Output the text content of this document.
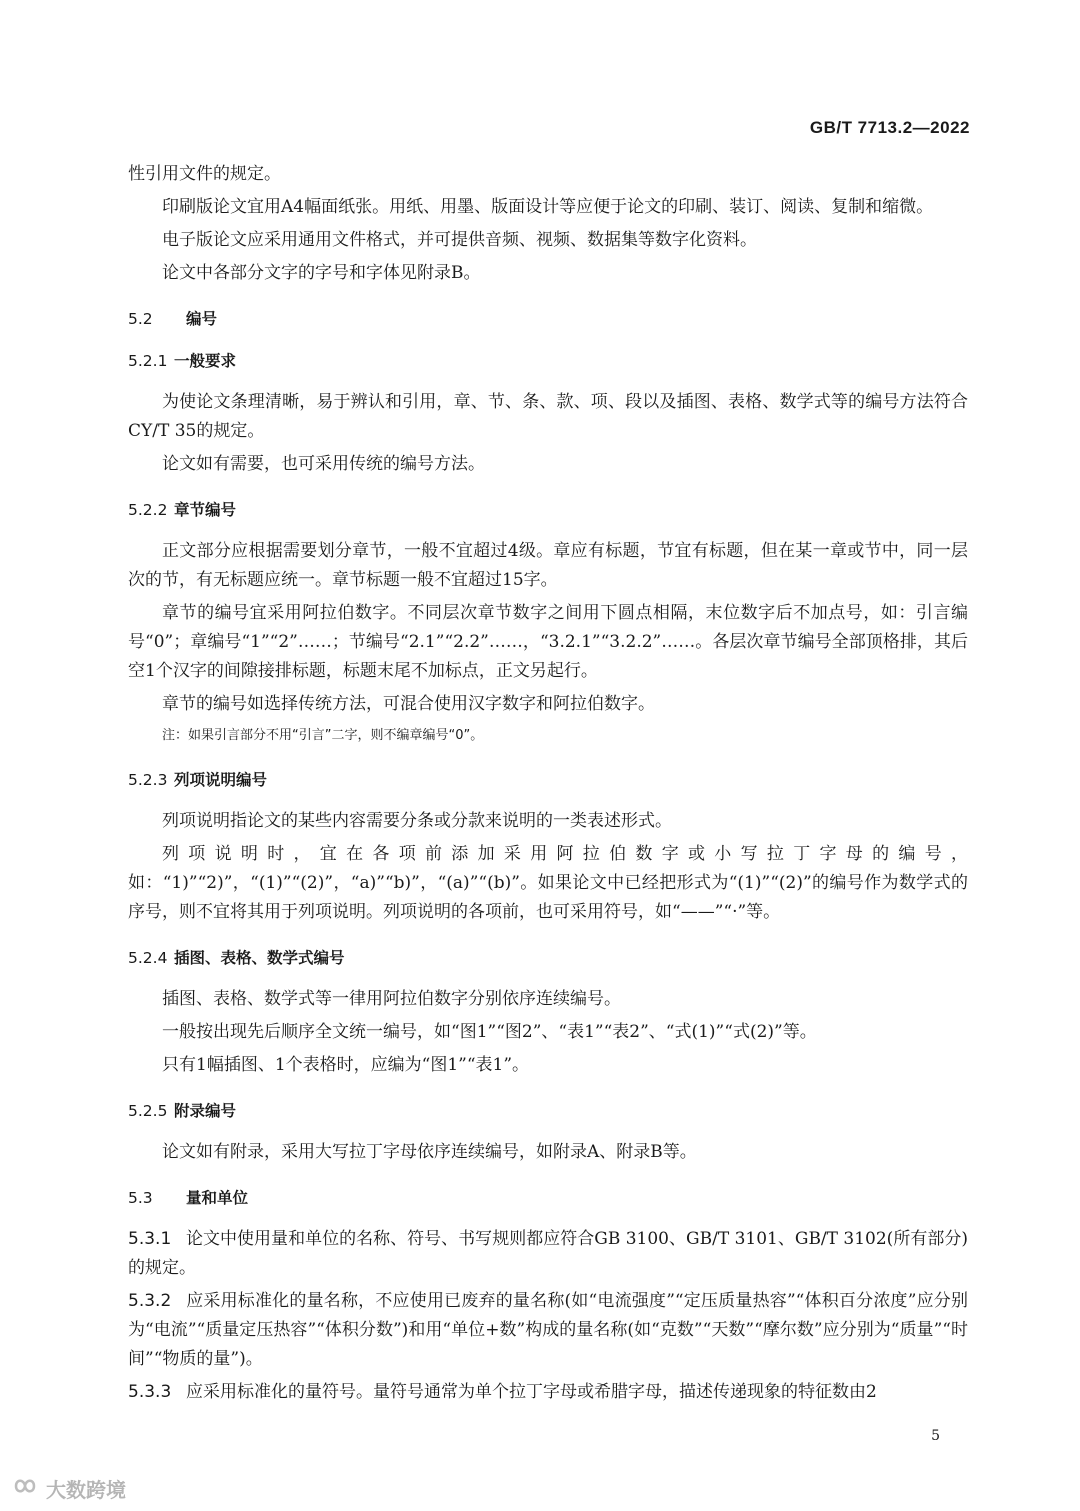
GB/T 7713.2—2022

性引用文件的规定。

印刷版论文宜用A4幅面纸张。用纸、用墨、版面设计等应便于论文的印刷、装订、阅读、复制和缩微。

电子版论文应采用通用文件格式，并可提供音频、视频、数据集等数字化资料。

论文中各部分文字的字号和字体见附录B。

5.2 编号
5.2.1 一般要求

为使论文条理清晰，易于辨认和引用，章、节、条、款、项、段以及插图、表格、数学式等的编号方法符合CY/T 35的规定。

论文如有需要，也可采用传统的编号方法。

5.2.2 章节编号

正文部分应根据需要划分章节，一般不宜超过4级。章应有标题，节宜有标题，但在某一章或节中，同一层次的节，有无标题应统一。章节标题一般不宜超过15字。

章节的编号宜采用阿拉伯数字。不同层次章节数字之间用下圆点相隔，末位数字后不加点号，如：引言编号“0”；章编号“1”“2”……；节编号“2.1”“2.2”……，“3.2.1”“3.2.2”……。各层次章节编号全部顶格排，其后空1个汉字的间隙接排标题，标题末尾不加标点，正文另起行。

章节的编号如选择传统方法，可混合使用汉字数字和阿拉伯数字。

注：如果引言部分不用“引言”二字，则不编章编号“0”。

5.2.3 列项说明编号

列项说明指论文的某些内容需要分条或分款来说明的一类表述形式。

列项说明时，宜在各项前添加采用阿拉伯数字或小写拉丁字母的编号，如：“1)”“2)”，“(1)”“(2)”，“a)”“b)”，“(a)”“(b)”。如果论文中已经把形式为“(1)”“(2)”的编号作为数学式的序号，则不宜将其用于列项说明。列项说明的各项前，也可采用符号，如“——”“·”等。

5.2.4 插图、表格、数学式编号

插图、表格、数学式等一律用阿拉伯数字分别依序连续编号。

一般按出现先后顺序全文统一编号，如“图1”“图2”、“表1”“表2”、“式(1)”“式(2)”等。

只有1幅插图、1个表格时，应编为“图1”“表1”。

5.2.5 附录编号

论文如有附录，采用大写拉丁字母依序连续编号，如附录A、附录B等。

5.3 量和单位

5.3.1 论文中使用量和单位的名称、符号、书写规则都应符合GB 3100、GB/T 3101、GB/T 3102(所有部分)的规定。

5.3.2 应采用标准化的量名称，不应使用已废弃的量名称(如“电流强度”“定压质量热容”“体积百分浓度”应分别为“电流”“质量定压热容”“体积分数”)和用“单位+数”构成的量名称(如“克数”“天数”“摩尔数”应分别为“质量”“时间”“物质的量”)。

5.3.3 应采用标准化的量符号。量符号通常为单个拉丁字母或希腊字母，描述传递现象的特征数由2

5
大数跨境
